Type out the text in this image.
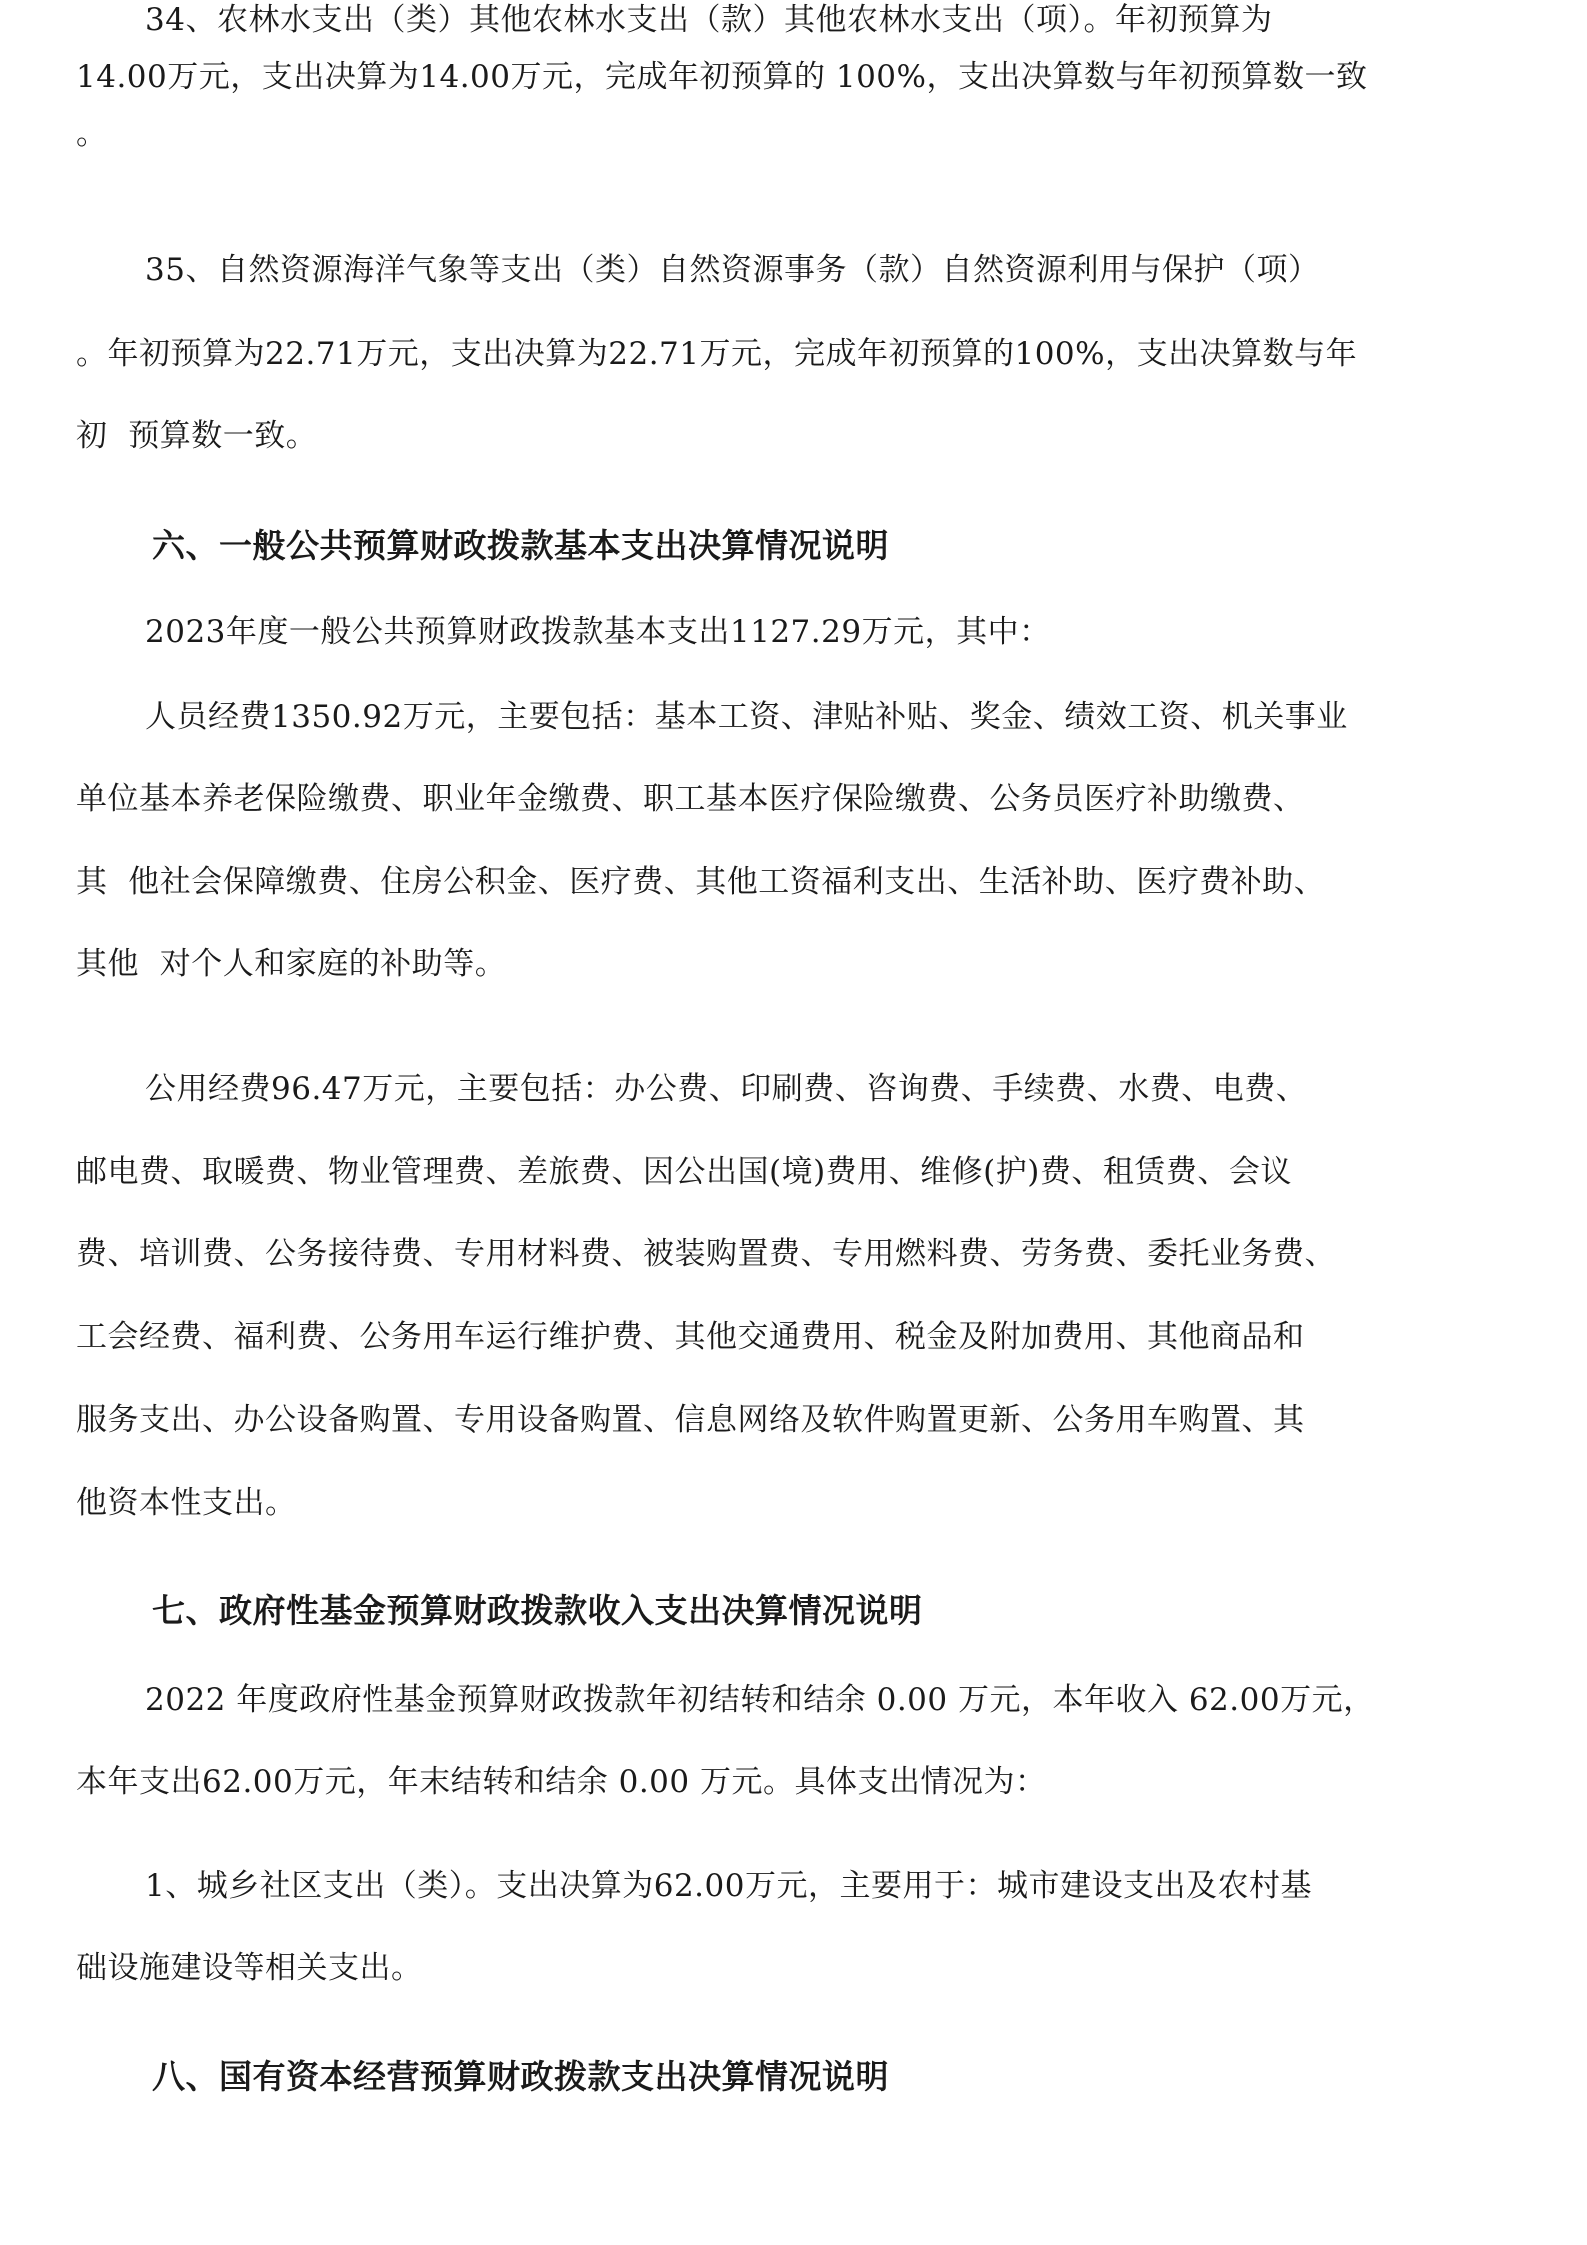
34、农林水支出（类）其他农林水支出（款）其他农林水支出（项）。年初预算为
14.00万元，支出决算为14.00万元，完成年初预算的 100%，支出决算数与年初预算数一致
。
35、自然资源海洋气象等支出（类）自然资源事务（款）自然资源利用与保护（项）
。年初预算为22.71万元，支出决算为22.71万元，完成年初预算的100%，支出决算数与年
初  预算数一致。
六、一般公共预算财政拨款基本支出决算情况说明
2023年度一般公共预算财政拨款基本支出1127.29万元，其中：
人员经费1350.92万元，主要包括：基本工资、津贴补贴、奖金、绩效工资、机关事业
单位基本养老保险缴费、职业年金缴费、职工基本医疗保险缴费、公务员医疗补助缴费、
其  他社会保障缴费、住房公积金、医疗费、其他工资福利支出、生活补助、医疗费补助、
其他  对个人和家庭的补助等。
公用经费96.47万元，主要包括：办公费、印刷费、咨询费、手续费、水费、电费、
邮电费、取暖费、物业管理费、差旅费、因公出国(境)费用、维修(护)费、租赁费、会议
费、培训费、公务接待费、专用材料费、被装购置费、专用燃料费、劳务费、委托业务费、
工会经费、福利费、公务用车运行维护费、其他交通费用、税金及附加费用、其他商品和
服务支出、办公设备购置、专用设备购置、信息网络及软件购置更新、公务用车购置、其
他资本性支出。
七、政府性基金预算财政拨款收入支出决算情况说明
2022 年度政府性基金预算财政拨款年初结转和结余 0.00 万元，本年收入 62.00万元，
本年支出62.00万元，年末结转和结余 0.00 万元。具体支出情况为：
1、城乡社区支出（类）。支出决算为62.00万元，主要用于：城市建设支出及农村基
础设施建设等相关支出。
八、国有资本经营预算财政拨款支出决算情况说明
